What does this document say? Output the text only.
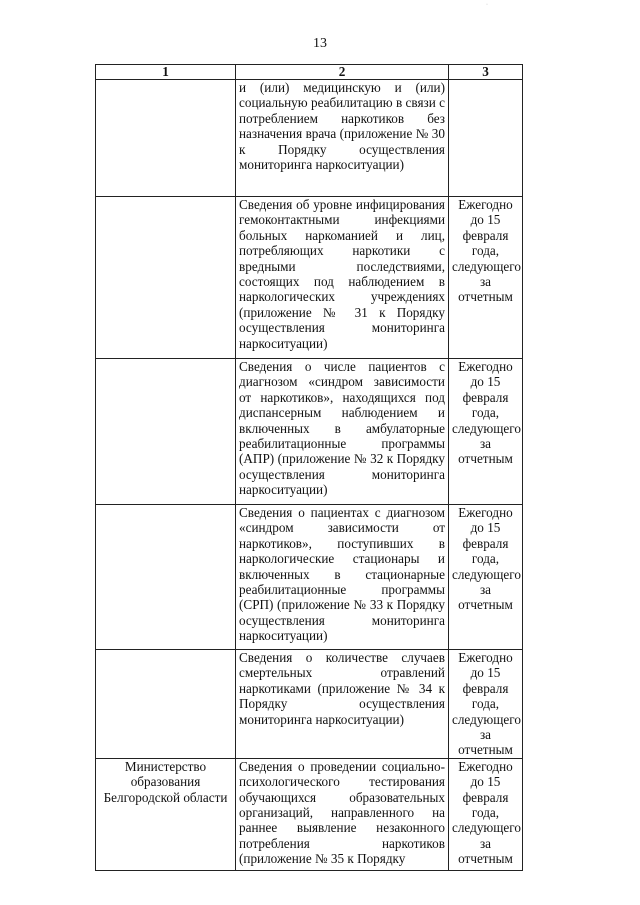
·
13
1	2	3
	и (или) медицинскую и (или) социальную реабилитацию в связи с потреблением наркотиков без назначения врача (приложение № 30 к Порядку осуществления мониторинга наркоситуации)	
	Сведения об уровне инфицирования гемоконтактными инфекциями больных наркоманией и лиц, потребляющих наркотики с вредными последствиями, состоящих под наблюдением в наркологических учреждениях (приложение № 31 к Порядку осуществления мониторинга наркоситуации)	Ежегодно до 15 февраля года, следующего за отчетным
	Сведения о числе пациентов с диагнозом «синдром зависимости от наркотиков», находящихся под диспансерным наблюдением и включенных в амбулаторные реабилитационные программы (АПР) (приложение № 32 к Порядку осуществления мониторинга наркоситуации)	Ежегодно до 15 февраля года, следующего за отчетным
	Сведения о пациентах с диагнозом «синдром зависимости от наркотиков», поступивших в наркологические стационары и включенных в стационарные реабилитационные программы (СРП) (приложение № 33 к Порядку осуществления мониторинга наркоситуации)	Ежегодно до 15 февраля года, следующего за отчетным
	Сведения о количестве случаев смертельных отравлений наркотиками (приложение № 34 к Порядку осуществления мониторинга наркоситуации)	Ежегодно до 15 февраля года, следующего за отчетным
Министерство образования Белгородской области	Сведения о проведении социально-психологического тестирования обучающихся образовательных организаций, направленного на раннее выявление незаконного потребления наркотиков (приложение № 35 к Порядку	Ежегодно до 15 февраля года, следующего за отчетным
